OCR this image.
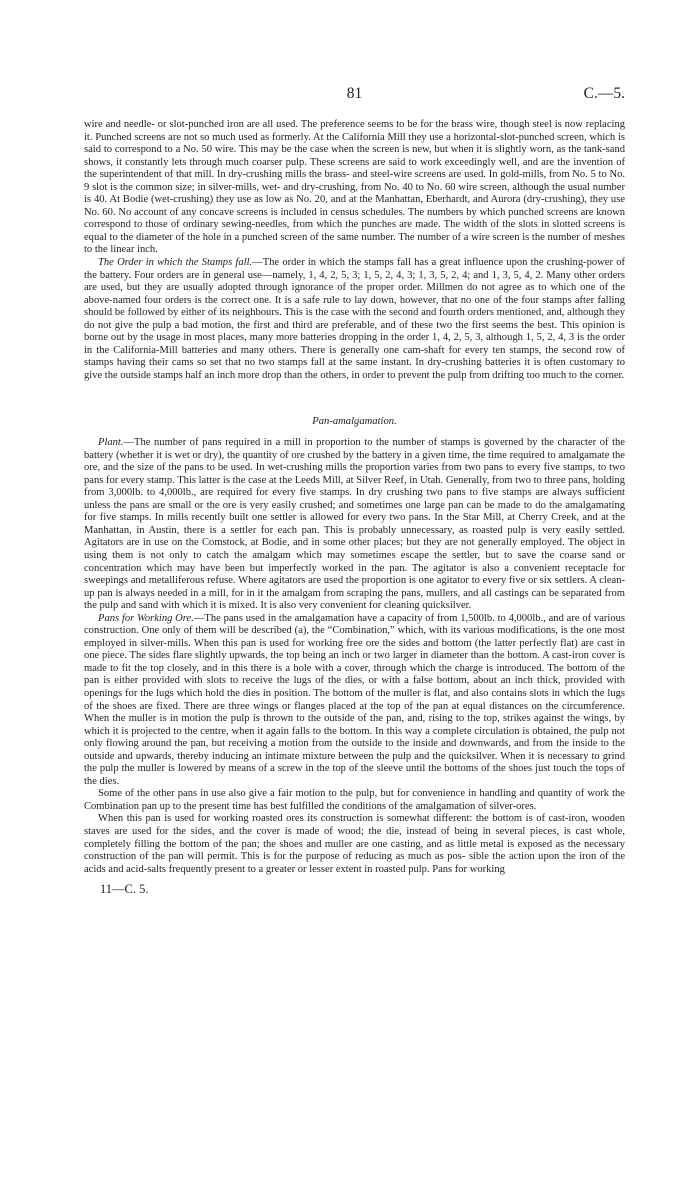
81	C.—5.

wire and needle- or slot-punched iron are all used. The preference seems to be for the brass wire, though steel is now replacing it. Punched screens are not so much used as formerly. At the California Mill they use a horizontal-slot-punched screen, which is said to correspond to a No. 50 wire. This may be the case when the screen is new, but when it is slightly worn, as the tank-sand shows, it constantly lets through much coarser pulp. These screens are said to work exceedingly well, and are the invention of the superintendent of that mill. In dry-crushing mills the brass- and steel-wire screens are used. In gold-mills, from No. 5 to No. 9 slot is the common size; in silver-mills, wet- and dry-crushing, from No. 40 to No. 60 wire screen, although the usual number is 40. At Bodie (wet-crushing) they use as low as No. 20, and at the Manhattan, Eberhardt, and Aurora (dry-crushing), they use No. 60. No account of any concave screens is included in census schedules. The numbers by which punched screens are known correspond to those of ordinary sewing-needles, from which the punches are made. The width of the slots in slotted screens is equal to the diameter of the hole in a punched screen of the same number. The number of a wire screen is the number of meshes to the linear inch.

The Order in which the Stamps fall.—The order in which the stamps fall has a great influence upon the crushing-power of the battery. Four orders are in general use—namely, 1, 4, 2, 5, 3; 1, 5, 2, 4, 3; 1, 3, 5, 2, 4; and 1, 3, 5, 4, 2. Many other orders are used, but they are usually adopted through ignorance of the proper order. Millmen do not agree as to which one of the above-named four orders is the correct one. It is a safe rule to lay down, however, that no one of the four stamps after falling should be followed by either of its neighbours. This is the case with the second and fourth orders mentioned, and, although they do not give the pulp a bad motion, the first and third are preferable, and of these two the first seems the best. This opinion is borne out by the usage in most places, many more batteries dropping in the order 1, 4, 2, 5, 3, although 1, 5, 2, 4, 3 is the order in the California-Mill batteries and many others. There is generally one cam-shaft for every ten stamps, the second row of stamps having their cams so set that no two stamps fall at the same instant. In dry-crushing batteries it is often customary to give the outside stamps half an inch more drop than the others, in order to prevent the pulp from drifting too much to the corner.

Pan-amalgamation.

Plant.—The number of pans required in a mill in proportion to the number of stamps is governed by the character of the battery (whether it is wet or dry), the quantity of ore crushed by the battery in a given time, the time required to amalgamate the ore, and the size of the pans to be used. In wet-crushing mills the proportion varies from two pans to every five stamps, to two pans for every stamp. This latter is the case at the Leeds Mill, at Silver Reef, in Utah. Generally, from two to three pans, holding from 3,000lb. to 4,000lb., are required for every five stamps. In dry crushing two pans to five stamps are always sufficient unless the pans are small or the ore is very easily crushed; and sometimes one large pan can be made to do the amalgamating for five stamps. In mills recently built one settler is allowed for every two pans. In the Star Mill, at Cherry Creek, and at the Manhattan, in Austin, there is a settler for each pan. This is probably unnecessary, as roasted pulp is very easily settled. Agitators are in use on the Comstock, at Bodie, and in some other places; but they are not generally employed. The object in using them is not only to catch the amalgam which may sometimes escape the settler, but to save the coarse sand or concentration which may have been but imperfectly worked in the pan. The agitator is also a convenient receptacle for sweepings and metalliferous refuse. Where agitators are used the proportion is one agitator to every five or six settlers. A clean-up pan is always needed in a mill, for in it the amalgam from scraping the pans, mullers, and all castings can be separated from the pulp and sand with which it is mixed. It is also very convenient for cleaning quicksilver.

Pans for Working Ore.—The pans used in the amalgamation have a capacity of from 1,500lb. to 4,000lb., and are of various construction. One only of them will be described (a), the “Combination,” which, with its various modifications, is the one most employed in silver-mills. When this pan is used for working free ore the sides and bottom (the latter perfectly flat) are cast in one piece. The sides flare slightly upwards, the top being an inch or two larger in diameter than the bottom. A cast-iron cover is made to fit the top closely, and in this there is a hole with a cover, through which the charge is introduced. The bottom of the pan is either provided with slots to receive the lugs of the dies, or with a false bottom, about an inch thick, provided with openings for the lugs which hold the dies in position. The bottom of the muller is flat, and also contains slots in which the lugs of the shoes are fixed. There are three wings or flanges placed at the top of the pan at equal distances on the circumference. When the muller is in motion the pulp is thrown to the outside of the pan, and, rising to the top, strikes against the wings, by which it is projected to the centre, when it again falls to the bottom. In this way a complete circulation is obtained, the pulp not only flowing around the pan, but receiving a motion from the outside to the inside and downwards, and from the inside to the outside and upwards, thereby inducing an intimate mixture between the pulp and the quicksilver. When it is necessary to grind the pulp the muller is lowered by means of a screw in the top of the sleeve until the bottoms of the shoes just touch the tops of the dies.

Some of the other pans in use also give a fair motion to the pulp, but for convenience in handling and quantity of work the Combination pan up to the present time has best fulfilled the conditions of the amalgamation of silver-ores.

When this pan is used for working roasted ores its construction is somewhat different: the bottom is of cast-iron, wooden staves are used for the sides, and the cover is made of wood; the die, instead of being in several pieces, is cast whole, completely filling the bottom of the pan; the shoes and muller are one casting, and as little metal is exposed as the necessary construction of the pan will permit. This is for the purpose of reducing as much as pos- sible the action upon the iron of the acids and acid-salts frequently present to a greater or lesser extent in roasted pulp. Pans for working

11—C. 5.
